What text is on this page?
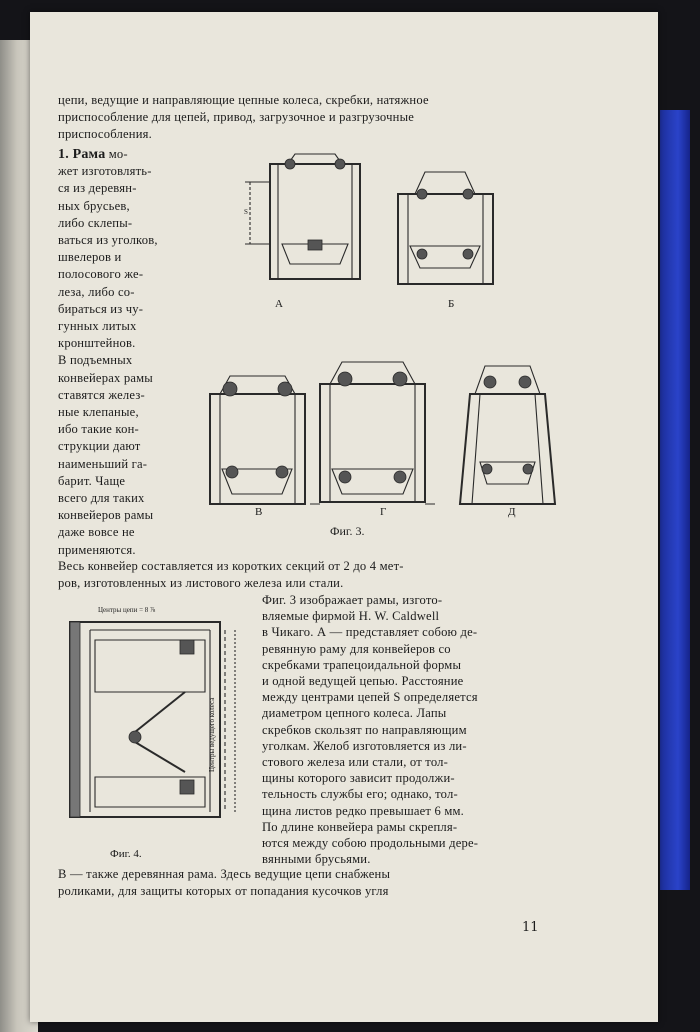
цепи, ведущие и направляющие цепные колеса, скребки, натяжное
приспособление для цепей, привод, загрузочное и разгрузочные
приспособления.
1. Рама мо-
жет изготовлять-
ся из деревян-
ных брусьев,
либо склепы-
ваться из уголков,
швелеров и
полосового же-
леза, либо со-
бираться из чу-
гунных литых
кронштейнов.
В подъемных
конвейерах рамы
ставятся желез-
ные клепаные,
ибо такие кон-
струкции дают
наименьший га-
барит. Чаще
всего для таких
конвейеров рамы
даже вовсе не
применяются.
Весь конвейер составляется из коротких секций от 2 до 4 мет-
ров, изготовленных из листового железа или стали.
S
А	Б
В	Г	Д
Фиг. 3.
Центры цепи = 8 ⅞
Центры ведущего колеса
Фиг. 4.
Фиг. 3 изображает рамы, изгото-
вляемые фирмой H. W. Caldwell
в Чикаго. А — представляет собою де-
ревянную раму для конвейеров со
скребками трапецоидальной формы
и одной ведущей цепью. Расстояние
между центрами цепей S определяется
диаметром цепного колеса. Лапы
скребков скользят по направляющим
уголкам. Желоб изготовляется из ли-
стового железа или стали, от тол-
щины которого зависит продолжи-
тельность службы его; однако, тол-
щина листов редко превышает 6 мм.
По длине конвейера рамы скрепля-
ются между собою продольными дере-
вянными брусьями.
В — также деревянная рама. Здесь ведущие цепи снабжены
роликами, для защиты которых от попадания кусочков угля
11
